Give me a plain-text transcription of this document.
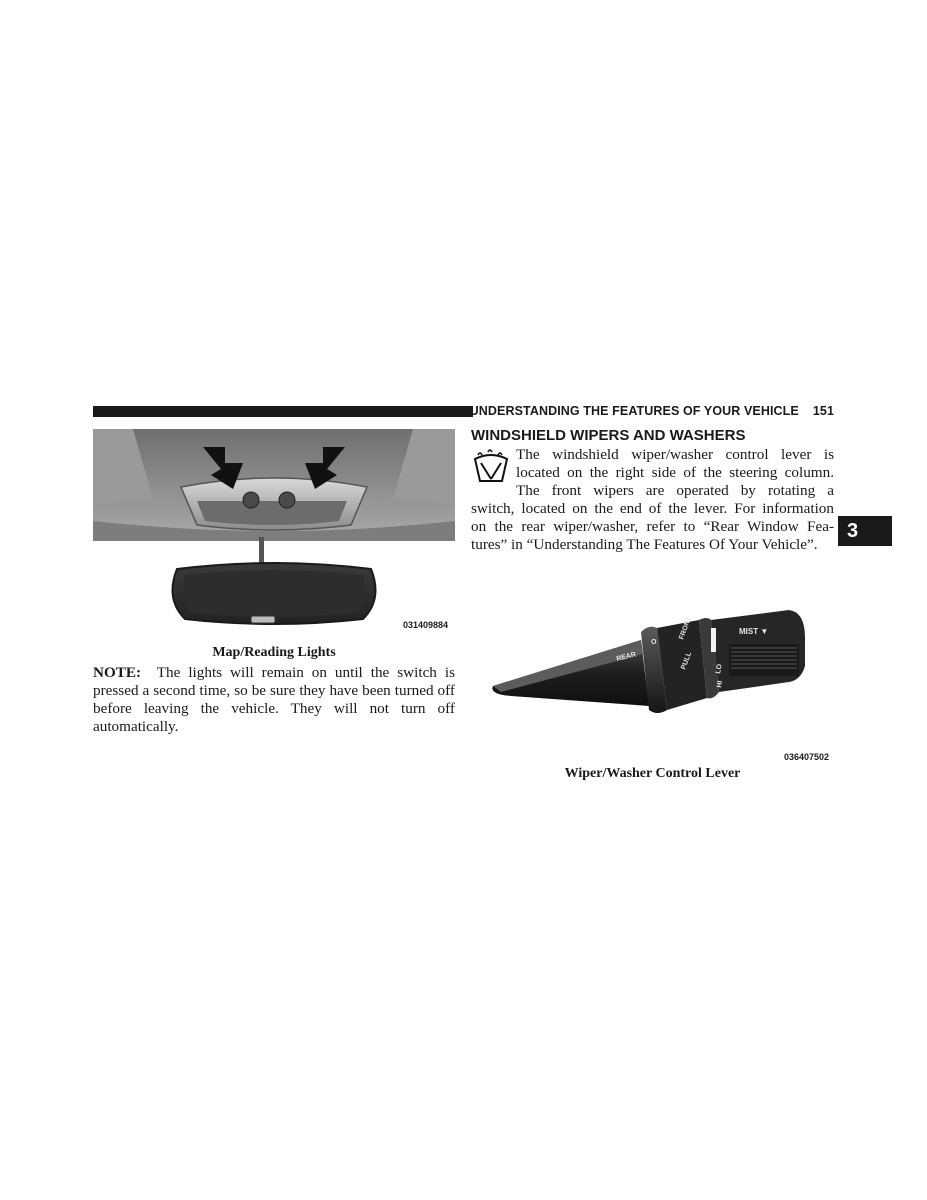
UNDERSTANDING THE FEATURES OF YOUR VEHICLE 151
3
031409884
Map/Reading Lights
NOTE: The lights will remain on until the switch is pressed a second time, so be sure they have been turned off before leaving the vehicle. They will not turn off automatically.
WINDSHIELD WIPERS AND WASHERS
The windshield wiper/washer control lever is
located on the right side of the steering column.
The front wipers are operated by rotating a
switch, located on the end of the lever. For information
on the rear wiper/washer, refer to “Rear Window Fea-
tures” in “Understanding The Features Of Your Vehicle”.
REAR
FRONT
PULL
MIST ▼
LO
HI
O
036407502
Wiper/Washer Control Lever
